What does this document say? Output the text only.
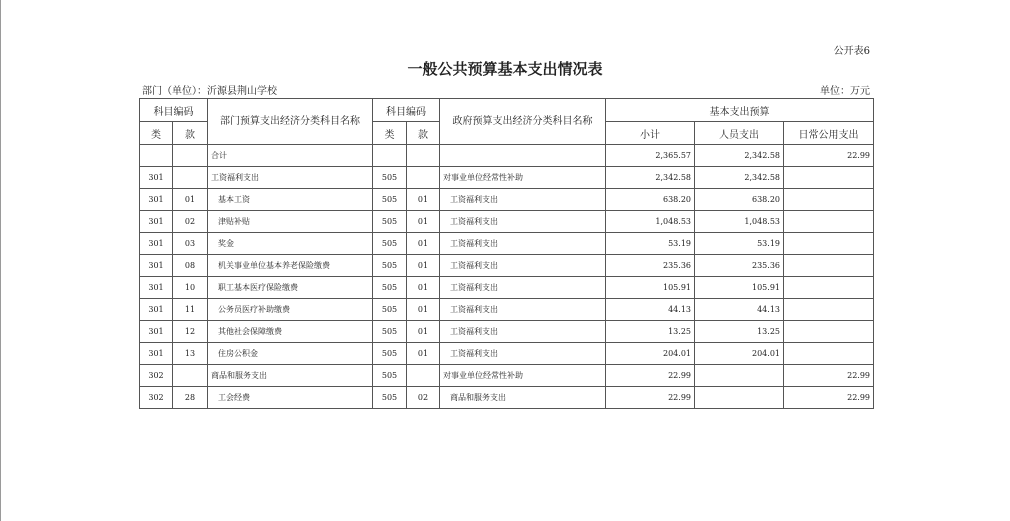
公开表6
一般公共预算基本支出情况表
部门（单位）：沂源县荆山学校	单位：万元
科目编码		部门预算支出经济分类科目名称	科目编码		政府预算支出经济分类科目名称	基本支出预算		
类	款		类	款		小计	人员支出	日常公用支出
		合计				2,365.57	2,342.58	22.99
301		工资福利支出	505		对事业单位经常性补助	2,342.58	2,342.58	
301	01	基本工资	505	01	工资福利支出	638.20	638.20	
301	02	津贴补贴	505	01	工资福利支出	1,048.53	1,048.53	
301	03	奖金	505	01	工资福利支出	53.19	53.19	
301	08	机关事业单位基本养老保险缴费	505	01	工资福利支出	235.36	235.36	
301	10	职工基本医疗保险缴费	505	01	工资福利支出	105.91	105.91	
301	11	公务员医疗补助缴费	505	01	工资福利支出	44.13	44.13	
301	12	其他社会保障缴费	505	01	工资福利支出	13.25	13.25	
301	13	住房公积金	505	01	工资福利支出	204.01	204.01	
302		商品和服务支出	505		对事业单位经常性补助	22.99		22.99
302	28	工会经费	505	02	商品和服务支出	22.99		22.99
